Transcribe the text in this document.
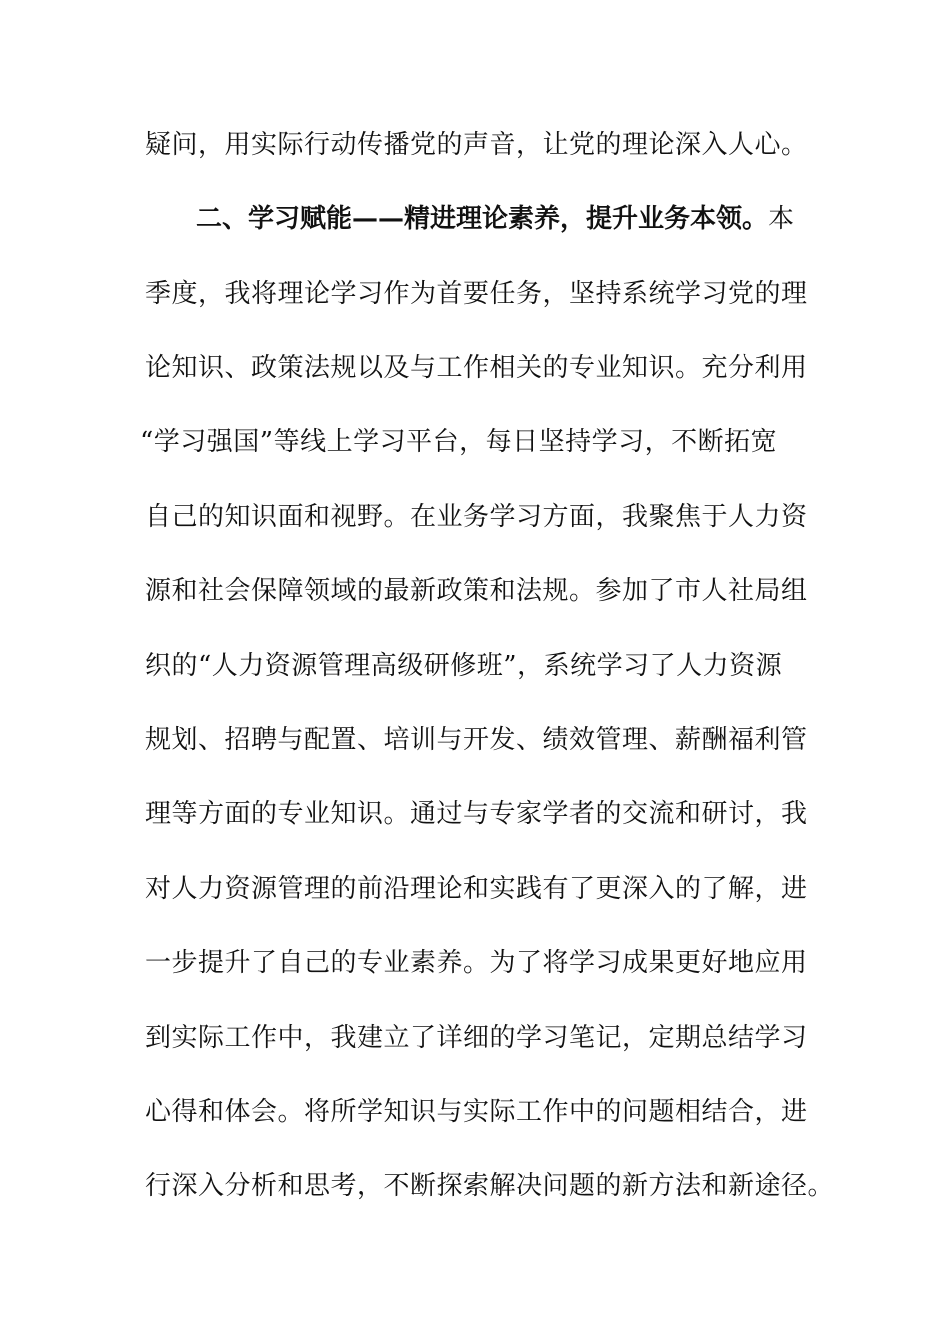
疑问，用实际行动传播党的声音，让党的理论深入人心。
二、学习赋能——精进理论素养，提升业务本领。本
季度，我将理论学习作为首要任务，坚持系统学习党的理
论知识、政策法规以及与工作相关的专业知识。充分利用
“学习强国”等线上学习平台，每日坚持学习，不断拓宽
自己的知识面和视野。在业务学习方面，我聚焦于人力资
源和社会保障领域的最新政策和法规。参加了市人社局组
织的“人力资源管理高级研修班”，系统学习了人力资源
规划、招聘与配置、培训与开发、绩效管理、薪酬福利管
理等方面的专业知识。通过与专家学者的交流和研讨，我
对人力资源管理的前沿理论和实践有了更深入的了解，进
一步提升了自己的专业素养。为了将学习成果更好地应用
到实际工作中，我建立了详细的学习笔记，定期总结学习
心得和体会。将所学知识与实际工作中的问题相结合，进
行深入分析和思考，不断探索解决问题的新方法和新途径。
